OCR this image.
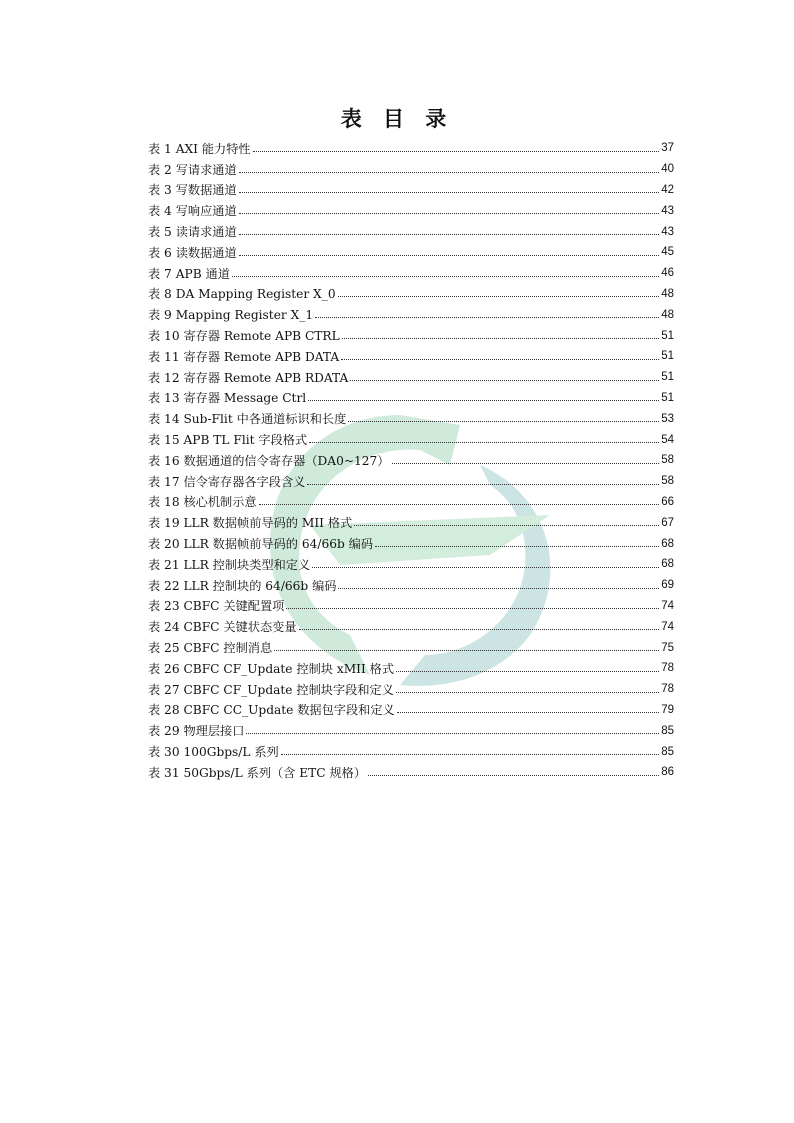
表 目 录
表 1 AXI 能力特性	37
表 2 写请求通道	40
表 3 写数据通道	42
表 4 写响应通道	43
表 5 读请求通道	43
表 6 读数据通道	45
表 7 APB 通道	46
表 8 DA Mapping Register X_0	48
表 9 Mapping Register X_1	48
表 10 寄存器 Remote APB CTRL	51
表 11 寄存器 Remote APB DATA	51
表 12 寄存器 Remote APB RDATA	51
表 13 寄存器 Message Ctrl	51
表 14 Sub-Flit 中各通道标识和长度	53
表 15 APB TL Flit 字段格式	54
表 16 数据通道的信令寄存器（DA0~127）	58
表 17 信令寄存器各字段含义	58
表 18 核心机制示意	66
表 19 LLR 数据帧前导码的 MII 格式	67
表 20 LLR 数据帧前导码的 64/66b 编码	68
表 21 LLR 控制块类型和定义	68
表 22 LLR 控制块的 64/66b 编码	69
表 23 CBFC 关键配置项	74
表 24 CBFC 关键状态变量	74
表 25 CBFC 控制消息	75
表 26 CBFC CF_Update 控制块 xMII 格式	78
表 27 CBFC CF_Update 控制块字段和定义	78
表 28 CBFC CC_Update 数据包字段和定义	79
表 29 物理层接口	85
表 30 100Gbps/L 系列	85
表 31 50Gbps/L 系列（含 ETC 规格）	86
